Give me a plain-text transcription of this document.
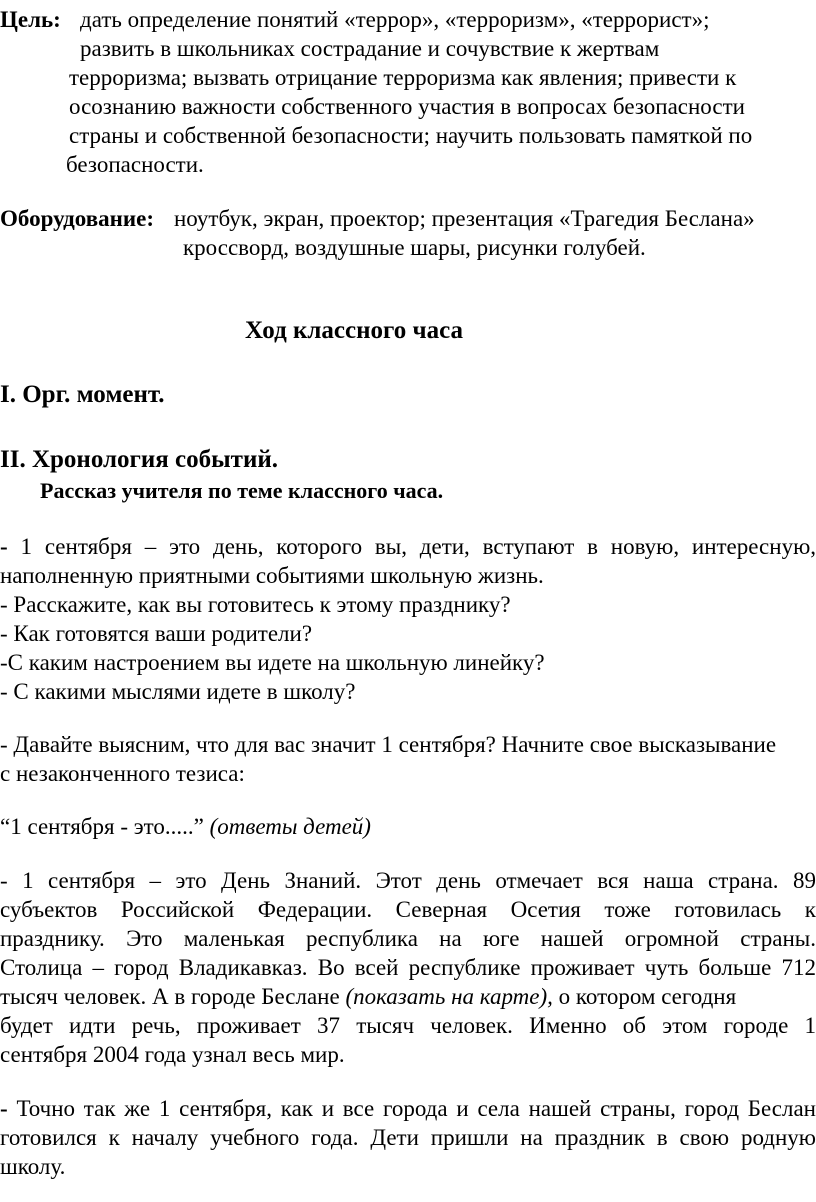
Цель: дать определение понятий «террор», «терроризм», «террорист»;
развить в школьниках сострадание и сочувствие к жертвам
терроризма; вызвать отрицание терроризма как явления; привести к
осознанию важности собственного участия в вопросах безопасности
страны и собственной безопасности; научить пользовать памяткой по
безопасности.
Оборудование: ноутбук, экран, проектор; презентация «Трагедия Беслана»
кроссворд, воздушные шары, рисунки голубей.
Ход классного часа
I. Орг. момент.
II. Хронология событий.
Рассказ учителя по теме классного часа.
- 1 сентября – это день, которого вы, дети, вступают в новую, интересную,
наполненную приятными событиями школьную жизнь.
- Расскажите, как вы готовитесь к этому празднику?
- Как готовятся ваши родители?
-С каким настроением вы идете на школьную линейку?
- С какими мыслями идете в школу?
- Давайте выясним, что для вас значит 1 сентября? Начните свое высказывание
с незаконченного тезиса:
“1 сентября - это.....” (ответы детей)
- 1 сентября – это День Знаний. Этот день отмечает вся наша страна. 89
субъектов Российской Федерации. Северная Осетия тоже готовилась к
празднику. Это маленькая республика на юге нашей огромной страны.
Столица – город Владикавказ. Во всей республике проживает чуть больше 712
тысяч человек. А в городе Беслане (показать на карте), о котором сегодня
будет идти речь, проживает 37 тысяч человек. Именно об этом городе 1
сентября 2004 года узнал весь мир.
- Точно так же 1 сентября, как и все города и села нашей страны, город Беслан
готовился к началу учебного года. Дети пришли на праздник в свою родную
школу.
